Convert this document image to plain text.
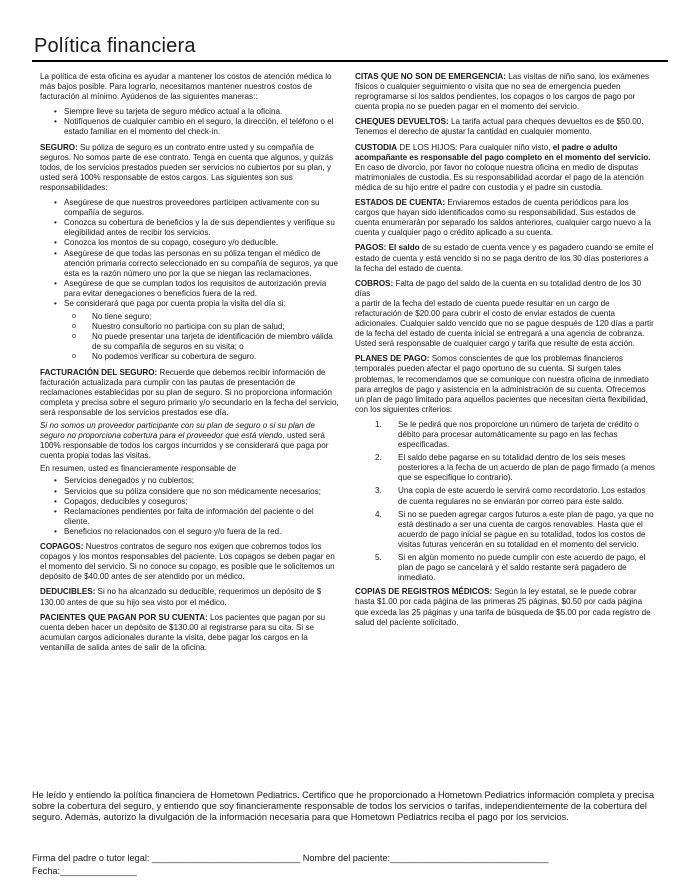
Política financiera

La política de esta oficina es ayudar a mantener los costos de atención médica lo más bajos posible. Para lograrlo, necesitamos mantener nuestros costos de facturación al mínimo. Ayúdenos de las siguientes maneras::

• Siempre lleve su tarjeta de seguro médico actual a la oficina.
• Notifíquenos de cualquier cambio en el seguro, la dirección, el teléfono o el estado familiar en el momento del check-in.

SEGURO: Su póliza de seguro es un contrato entre usted y su compañía de seguros. No somos parte de ese contrato. Tenga en cuenta que algunos, y quizás todos, de los servicios prestados pueden ser servicios no cubiertos por su plan, y usted será 100% responsable de estos cargos. Las siguientes son sus responsabilidades:

• Asegúrese de que nuestros proveedores participen activamente con su compañía de seguros.
• Conozca su cobertura de beneficios y la de sus dependientes y verifique su elegibilidad antes de recibir los servicios.
• Conozca los montos de su copago, coseguro y/o deducible.
• Asegúrese de que todas las personas en su póliza tengan el médico de atención primaria correcto seleccionado en su compañía de seguros, ya que esta es la razón número uno por la que se niegan las reclamaciones.
• Asegúrese de que se cumplan todos los requisitos de autorización previa para evitar denegaciones o beneficios fuera de la red.
• Se considerará que paga por cuenta propia la visita del día si:
o No tiene seguro;
o Nuestro consultorio no participa con su plan de salud;
o No puede presentar una tarjeta de identificación de miembro válida de su compañía de seguros en su visita; o
o No podemos verificar su cobertura de seguro.

FACTURACIÓN DEL SEGURO: Recuerde que debemos recibir información de facturación actualizada para cumplir con las pautas de presentación de reclamaciones establecidas por su plan de seguro. Si no proporciona información completa y precisa sobre el seguro primario y/o secundario en la fecha del servicio, será responsable de los servicios prestados ese día.

Si no somos un proveedor participante con su plan de seguro o si su plan de seguro no proporciona cobertura para el proveedor que está viendo, usted será 100% responsable de todos los cargos incurridos y se considerará que paga por cuenta propia todas las visitas.

En resumen, usted es financieramente responsable de

• Servicios denegados y no cubiertos;
• Servicios que su póliza considere que no son médicamente necesarios;
• Copagos, deducibles y coseguros;
• Reclamaciones pendientes por falta de información del paciente o del cliente.
• Beneficios no relacionados con el seguro y/o fuera de la red.

COPAGOS: Nuestros contratos de seguro nos exigen que cobremos todos los copagos y los montos responsables del paciente. Los copagos se deben pagar en el momento del servicio. Si no conoce su copago, es posible que le solicitemos un depósito de $40.00 antes de ser atendido por un médico.

DEDUCIBLES: Si no ha alcanzado su deducible, requerimos un depósito de $ 130.00 antes de que su hijo sea visto por el médico.

PACIENTES QUE PAGAN POR SU CUENTA: Los pacientes que pagan por su cuenta deben hacer un depósito de $130.00 al registrarse para su cita. Si se acumulan cargos adicionales durante la visita, debe pagar los cargos en la ventanilla de salida antes de salir de la oficina.

CITAS QUE NO SON DE EMERGENCIA: Las visitas de niño sano, los exámenes físicos o cualquier seguimiento o visita que no sea de emergencia pueden reprogramarse si los saldos pendientes, los copagos o los cargos de pago por cuenta propia no se pueden pagar en el momento del servicio.

CHEQUES DEVUELTOS: La tarifa actual para cheques devueltos es de $50.00. Tenemos el derecho de ajustar la cantidad en cualquier momento.

CUSTODIA DE LOS HIJOS: Para cualquier niño visto, el padre o adulto acompañante es responsable del pago completo en el momento del servicio. En caso de divorcio, por favor no coloque nuestra oficina en medio de disputas matrimoniales de custodia. Es su responsabilidad acordar el pago de la atención médica de su hijo entre el padre con custodia y el padre sin custodia.

ESTADOS DE CUENTA: Enviaremos estados de cuenta periódicos para los cargos que hayan sido identificados como su responsabilidad. Sus estados de cuenta enumerarán por separado los saldos anteriores, cualquier cargo nuevo a la cuenta y cualquier pago o crédito aplicado a su cuenta.

PAGOS: El saldo de su estado de cuenta vence y es pagadero cuando se emite el estado de cuenta y está vencido si no se paga dentro de los 30 días posteriores a la fecha del estado de cuenta.

COBROS: Falta de pago del saldo de la cuenta en su totalidad dentro de los 30 días

a partir de la fecha del estado de cuenta puede resultar en un cargo de refacturación de $20.00 para cubrir el costo de enviar estados de cuenta adicionales. Cualquier saldo vencido que no se pague después de 120 días a partir de la fecha del estado de cuenta inicial se entregará a una agencia de cobranza. Usted será responsable de cualquier cargo y tarifa que resulte de esta acción.

PLANES DE PAGO: Somos conscientes de que los problemas financieros temporales pueden afectar el pago oportuno de su cuenta. Si surgen tales problemas, le recomendamos que se comunique con nuestra oficina de inmediato para arreglos de pago y asistencia en la administración de su cuenta. Ofrecemos un plan de pago limitado para aquellos pacientes que necesitan cierta flexibilidad, con los siguientes criterios:

1. Se le pedirá que nos proporcione un número de tarjeta de crédito o débito para procesar automáticamente su pago en las fechas especificadas.
2. El saldo debe pagarse en su totalidad dentro de los seis meses posteriores a la fecha de un acuerdo de plan de pago firmado (a menos que se especifique lo contrario).
3. Una copia de este acuerdo le servirá como recordatorio. Los estados de cuenta regulares no se enviarán por correo para este saldo.
4. Si no se pueden agregar cargos futuros a este plan de pago, ya que no está destinado a ser una cuenta de cargos renovables. Hasta que el acuerdo de pago inicial se pague en su totalidad, todos los costos de visitas futuras vencerán en su totalidad en el momento del servicio.
5. Si en algún momento no puede cumplir con este acuerdo de pago, el plan de pago se cancelará y el saldo restante será pagadero de inmediato.

COPIAS DE REGISTROS MÉDICOS: Según la ley estatal, se le puede cobrar hasta $1.00 por cada página de las primeras 25 páginas, $0.50 por cada página que exceda las 25 páginas y una tarifa de búsqueda de $5.00 por cada registro de salud del paciente solicitado.

He leído y entiendo la política financiera de Hometown Pediatrics. Certifico que he proporcionado a Hometown Pediatrics información completa y precisa sobre la cobertura del seguro, y entiendo que soy financieramente responsable de todos los servicios o tarifas, independientemente de la cobertura del seguro. Además, autorizo la divulgación de la información necesaria para que Hometown Pediatrics reciba el pago por los servicios.
Firma del padre o tutor legal: _____________________________ Nombre del paciente:_______________________________
Fecha:_______________
